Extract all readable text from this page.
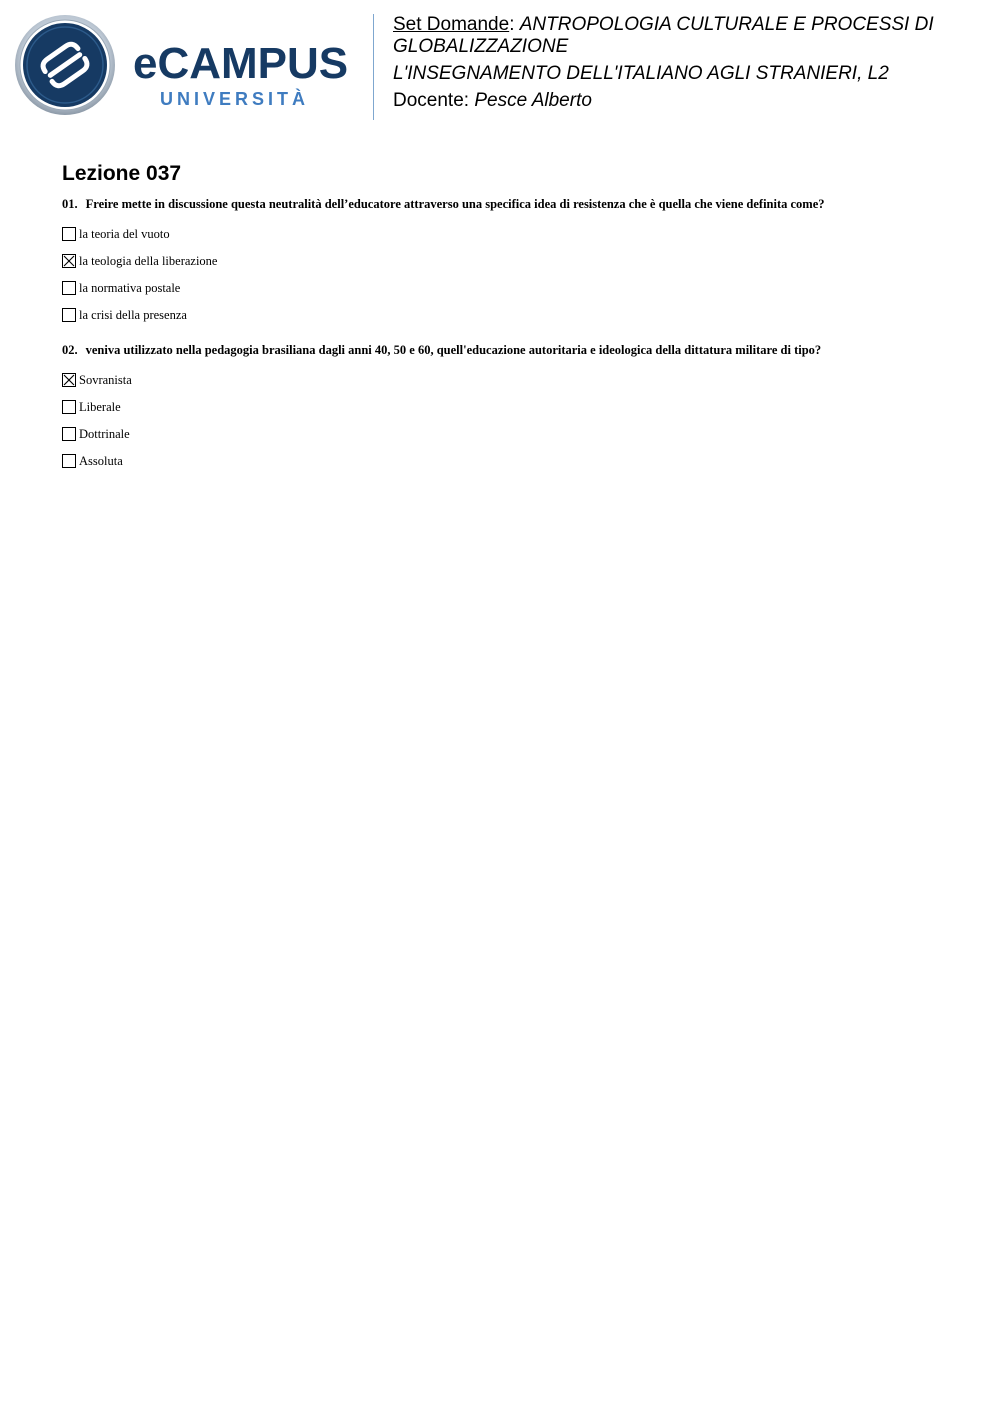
eCAMPUS
UNIVERSITÀ

Set Domande: ANTROPOLOGIA CULTURALE E PROCESSI DI GLOBALIZZAZIONE

L'INSEGNAMENTO DELL'ITALIANO AGLI STRANIERI, L2

Docente: Pesce Alberto

Lezione 037

01. Freire mette in discussione questa neutralità dell’educatore attraverso una specifica idea di resistenza che è quella che viene definita come?

la teoria del vuoto
la teologia della liberazione
la normativa postale
la crisi della presenza

02. veniva utilizzato nella pedagogia brasiliana dagli anni 40, 50 e 60, quell'educazione autoritaria e ideologica della dittatura militare di tipo?

Sovranista
Liberale
Dottrinale
Assoluta
